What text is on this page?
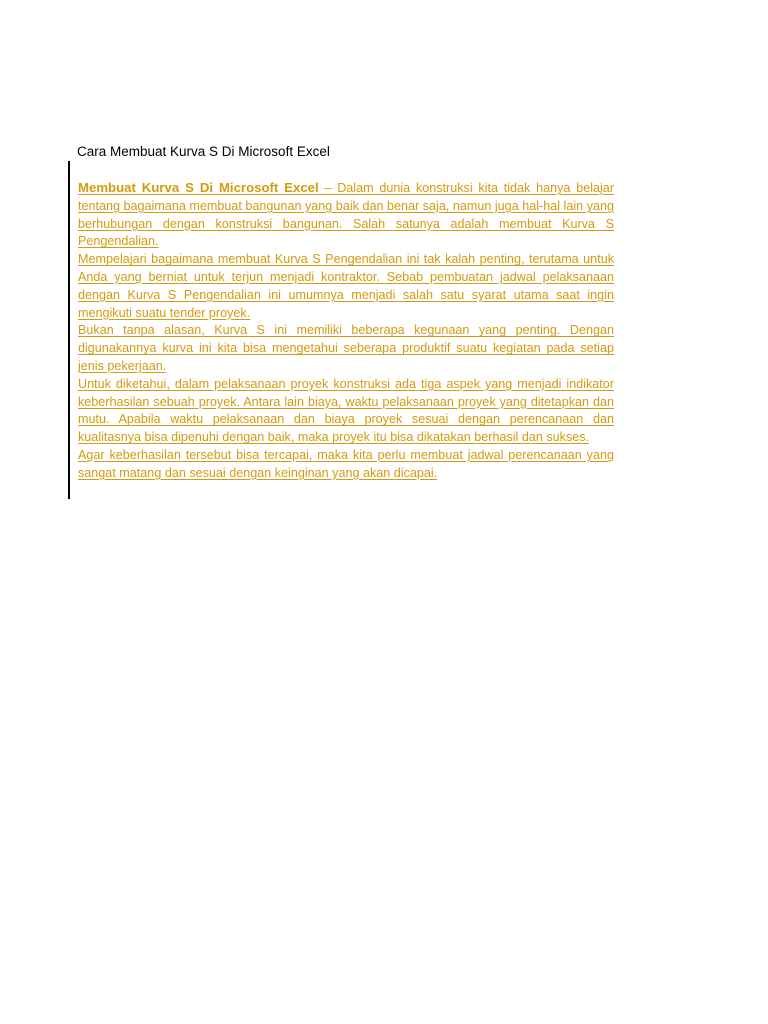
Cara Membuat Kurva S Di Microsoft Excel

Membuat Kurva S Di Microsoft Excel – Dalam dunia konstruksi kita tidak hanya belajar tentang bagaimana membuat bangunan yang baik dan benar saja, namun juga hal-hal lain yang berhubungan dengan konstruksi bangunan. Salah satunya adalah membuat Kurva S Pengendalian.

Mempelajari bagaimana membuat Kurva S Pengendalian ini tak kalah penting, terutama untuk Anda yang berniat untuk terjun menjadi kontraktor. Sebab pembuatan jadwal pelaksanaan dengan Kurva S Pengendalian ini umumnya menjadi salah satu syarat utama saat ingin mengikuti suatu tender proyek.

Bukan tanpa alasan, Kurva S ini memiliki beberapa kegunaan yang penting. Dengan digunakannya kurva ini kita bisa mengetahui seberapa produktif suatu kegiatan pada setiap jenis pekerjaan.

Untuk diketahui, dalam pelaksanaan proyek konstruksi ada tiga aspek yang menjadi indikator keberhasilan sebuah proyek. Antara lain biaya, waktu pelaksanaan proyek yang ditetapkan dan mutu. Apabila waktu pelaksanaan dan biaya proyek sesuai dengan perencanaan dan kualitasnya bisa dipenuhi dengan baik, maka proyek itu bisa dikatakan berhasil dan sukses.

Agar keberhasilan tersebut bisa tercapai, maka kita perlu membuat jadwal perencanaan yang sangat matang dan sesuai dengan keinginan yang akan dicapai.
